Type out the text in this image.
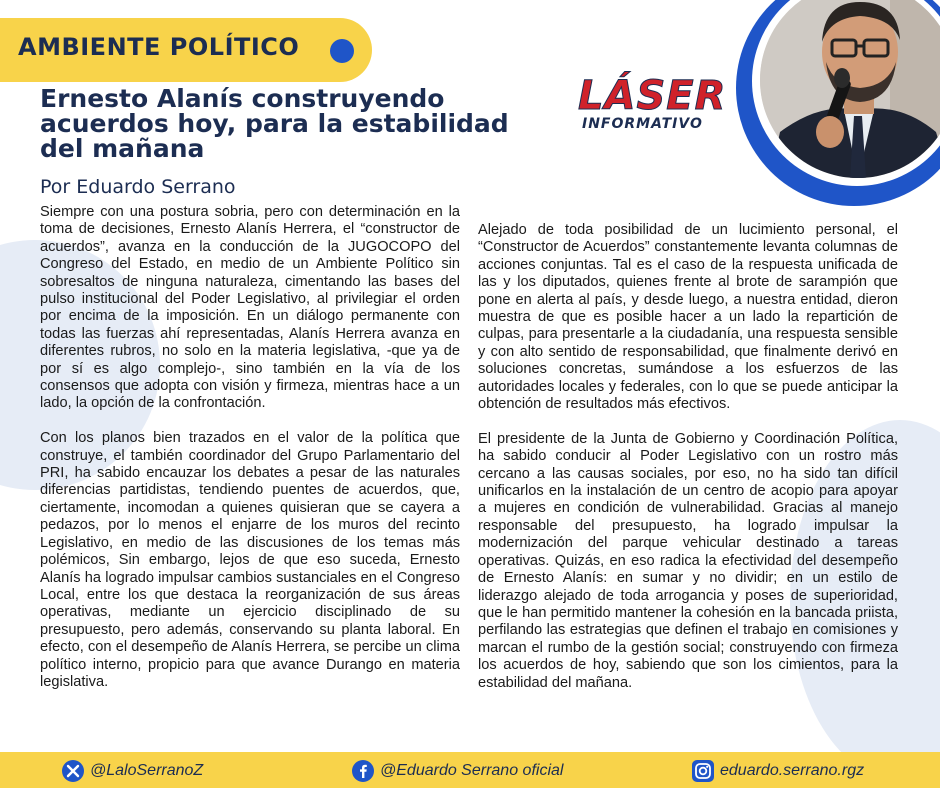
AMBIENTE POLÍTICO
Ernesto Alanís construyendo acuerdos hoy, para la estabilidad del mañana
Por Eduardo Serrano
LÁSER
INFORMATIVO

Siempre con una postura sobria, pero con determinación en la toma de decisiones, Ernesto Alanís Herrera, el “constructor de acuerdos”, avanza en la conducción de la JUGOCOPO del Congreso del Estado, en medio de un Ambiente Político sin sobresaltos de ninguna naturaleza, cimentando las bases del pulso institucional del Poder Legislativo, al privilegiar el orden por encima de la imposición. En un diálogo permanente con todas las fuerzas ahí representadas, Alanís Herrera avanza en diferentes rubros, no solo en la materia legislativa, -que ya de por sí es algo complejo-, sino también en la vía de los consensos que adopta con visión y firmeza, mientras hace a un lado, la opción de la confrontación.

Con los planos bien trazados en el valor de la política que construye, el también coordinador del Grupo Parlamentario del PRI, ha sabido encauzar los debates a pesar de las naturales diferencias partidistas, tendiendo puentes de acuerdos, que, ciertamente, incomodan a quienes quisieran que se cayera a pedazos, por lo menos el enjarre de los muros del recinto Legislativo, en medio de las discusiones de los temas más polémicos, Sin embargo, lejos de que eso suceda, Ernesto Alanís ha logrado impulsar cambios sustanciales en el Congreso Local, entre los que destaca la reorganización de sus áreas operativas, mediante un ejercicio disciplinado de su presupuesto, pero además, conservando su planta laboral. En efecto, con el desempeño de Alanís Herrera, se percibe un clima político interno, propicio para que avance Durango en materia legislativa.

Alejado de toda posibilidad de un lucimiento personal, el “Constructor de Acuerdos” constantemente levanta columnas de acciones conjuntas. Tal es el caso de la respuesta unificada de las y los diputados, quienes frente al brote de sarampión que pone en alerta al país, y desde luego, a nuestra entidad, dieron muestra de que es posible hacer a un lado la repartición de culpas, para presentarle a la ciudadanía, una respuesta sensible y con alto sentido de responsabilidad, que finalmente derivó en soluciones concretas, sumándose a los esfuerzos de las autoridades locales y federales, con lo que se puede anticipar la obtención de resultados más efectivos.

El presidente de la Junta de Gobierno y Coordinación Política, ha sabido conducir al Poder Legislativo con un rostro más cercano a las causas sociales, por eso, no ha sido tan difícil unificarlos en la instalación de un centro de acopio para apoyar a mujeres en condición de vulnerabilidad. Gracias al manejo responsable del presupuesto, ha logrado impulsar la modernización del parque vehicular destinado a tareas operativas. Quizás, en eso radica la efectividad del desempeño de Ernesto Alanís: en sumar y no dividir; en un estilo de liderazgo alejado de toda arrogancia y poses de superioridad, que le han permitido mantener la cohesión en la bancada priista, perfilando las estrategias que definen el trabajo en comisiones y marcan el rumbo de la gestión social; construyendo con firmeza los acuerdos de hoy, sabiendo que son los cimientos, para la estabilidad del mañana.

@LaloSerranoZ	@Eduardo Serrano oficial	eduardo.serrano.rgz
